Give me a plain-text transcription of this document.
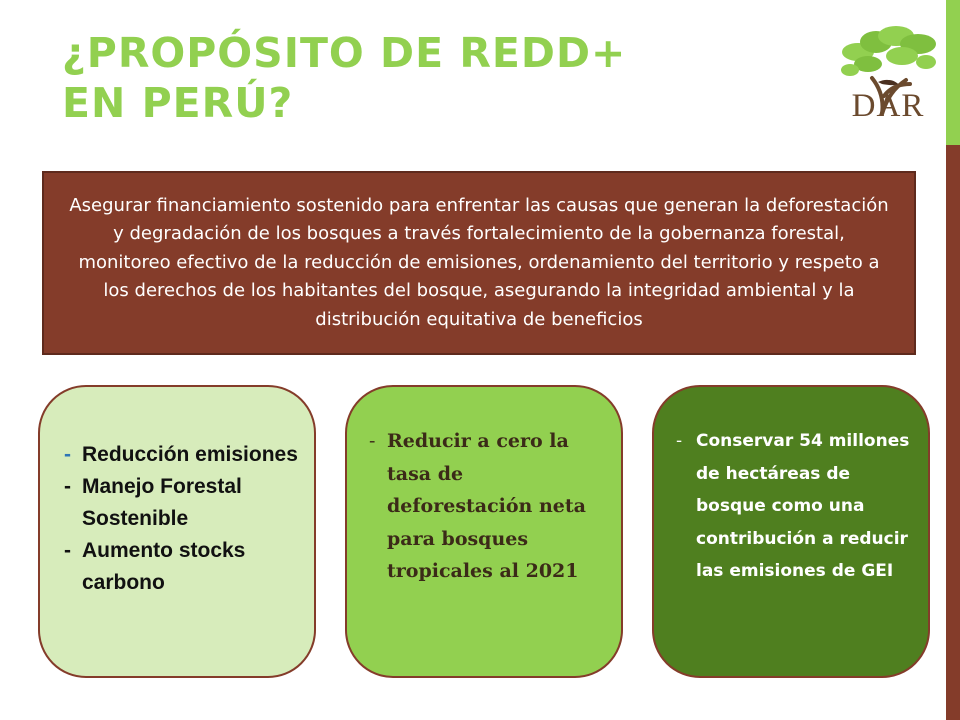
¿PROPÓSITO DE REDD+
EN PERÚ?	DAR

Asegurar financiamiento sostenido para enfrentar las causas que generan la deforestación y degradación de los bosques a través fortalecimiento de la gobernanza forestal, monitoreo efectivo de la reducción de emisiones, ordenamiento del territorio y respeto a los derechos de los habitantes del bosque, asegurando la integridad ambiental y la distribución equitativa de beneficios

- Reducción emisiones
- Manejo Forestal Sostenible
- Aumento stocks carbono
- Reducir a cero la tasa de deforestación neta para bosques tropicales al 2021
- Conservar 54 millones de hectáreas de bosque como una contribución a reducir las emisiones de GEI
